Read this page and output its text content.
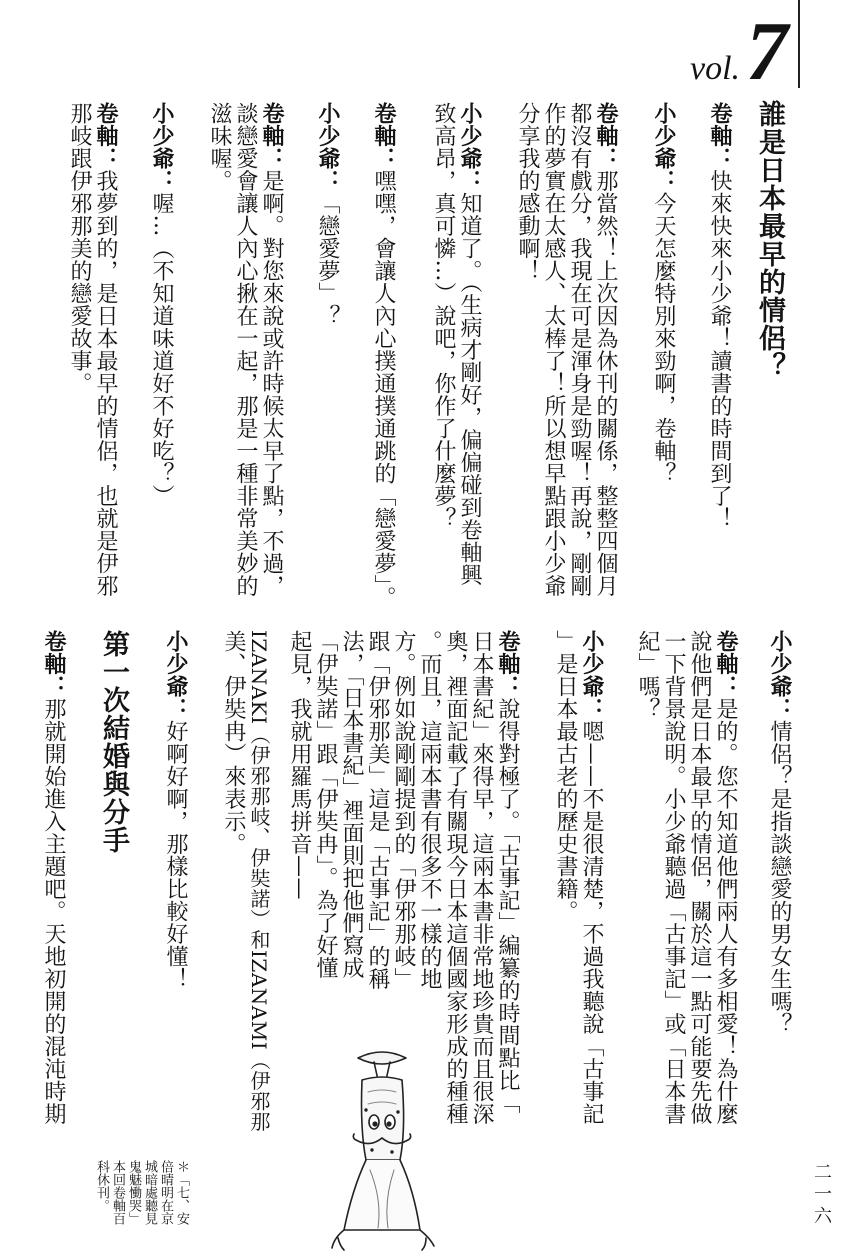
vol. 7
誰是日本最早的情侶？
卷軸：快來快來小少爺！讀書的時間到了！
小少爺：今天怎麼特別來勁啊，卷軸？
卷軸：那當然！上次因為休刊的關係，整整四個月
都沒有戲分，我現在可是渾身是勁喔！再說，剛剛
作的夢實在太感人、太棒了！所以想早點跟小少爺
分享我的感動啊！
小少爺：知道了。（生病才剛好，偏偏碰到卷軸興
致高昂，真可憐…）說吧，你作了什麼夢？
卷軸：嘿嘿，會讓人內心撲通撲通跳的「戀愛夢」。
小少爺：「戀愛夢」？
卷軸：是啊。對您來說或許時候太早了點，不過，
談戀愛會讓人內心揪在一起，那是一種非常美妙的
滋味喔。
小少爺：喔…（不知道味道好不好吃？）
卷軸：我夢到的，是日本最早的情侶，也就是伊邪
那岐跟伊邪那美的戀愛故事。
小少爺：情侶？是指談戀愛的男女生嗎？
卷軸：是的。您不知道他們兩人有多相愛！為什麼
說他們是日本最早的情侶，關於這一點可能要先做
一下背景說明。小少爺聽過「古事記」或「日本書
紀」嗎？
小少爺：嗯——不是很清楚，不過我聽說「古事記
」是日本最古老的歷史書籍。
卷軸：說得對極了。「古事記」編纂的時間點比「
日本書紀」來得早，這兩本書非常地珍貴而且很深
奧，裡面記載了有關現今日本這個國家形成的種種
。而且，這兩本書有很多不一樣的地
方。例如說剛剛提到的「伊邪那岐」
跟「伊邪那美」這是「古事記」的稱
法，「日本書紀」裡面則把他們寫成
「伊奘諾」跟「伊奘冉」。為了好懂
起見，我就用羅馬拼音——
IZANAKI（伊邪那岐、伊奘諾）和IZANAMI（伊邪那
美、伊奘冉）來表示。
小少爺：好啊好啊，那樣比較好懂！
第一次結婚與分手
卷軸：那就開始進入主題吧。天地初開的混沌時期
＊「七、安
倍晴明在京
城暗處聽見
鬼魅慟哭」
本回卷軸百
科休刊。	二一六
